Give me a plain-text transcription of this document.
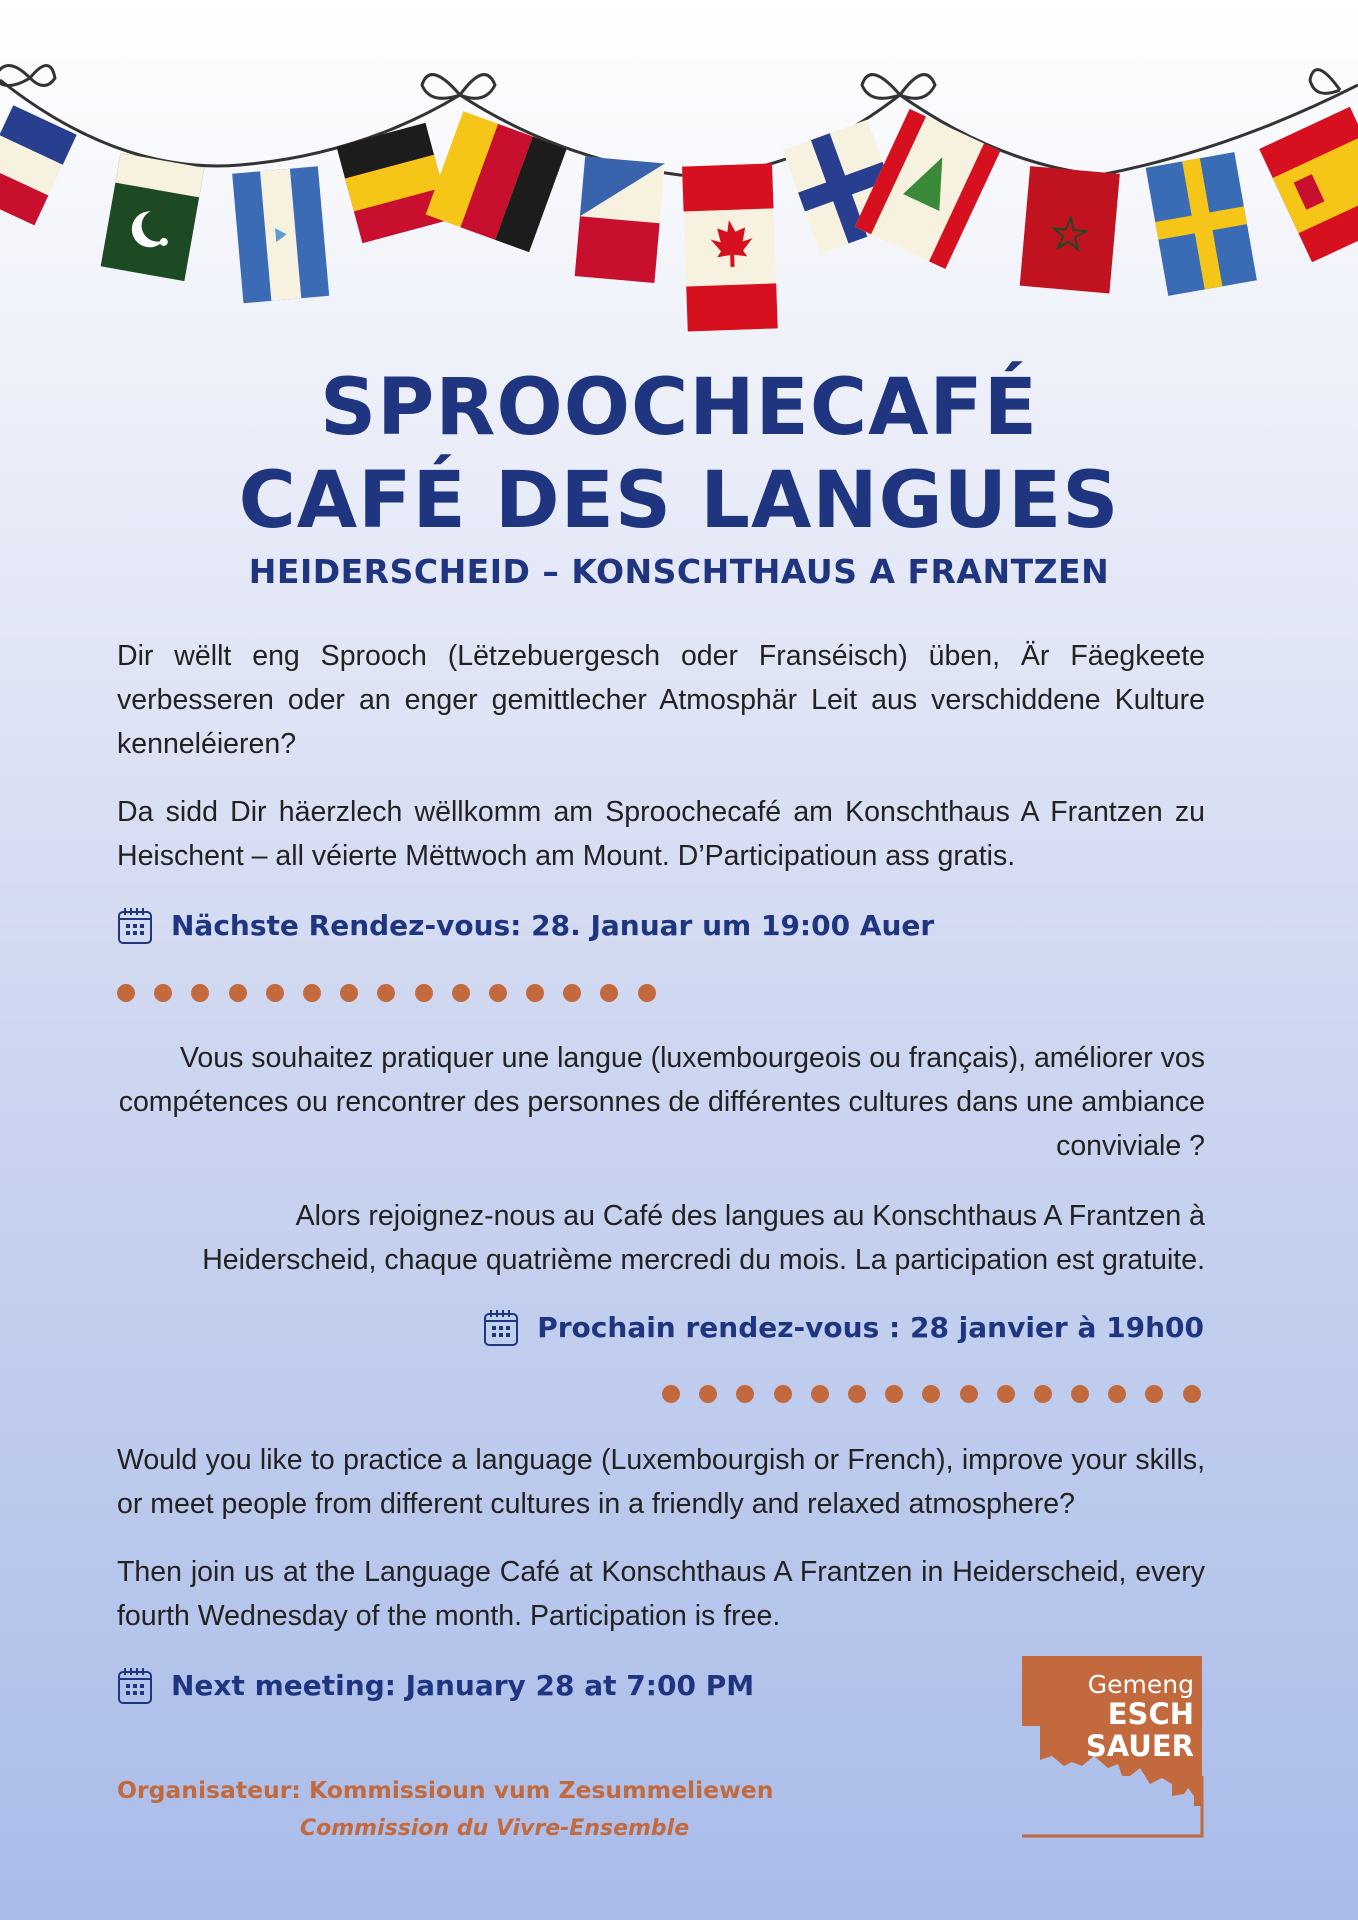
SPROOCHECAFÉ
CAFÉ DES LANGUES
HEIDERSCHEID – KONSCHTHAUS A FRANTZEN
Dir wëllt eng Sprooch (Lëtzebuergesch oder Franséisch) üben, Är Fäegkeete verbesseren oder an enger gemittlecher Atmosphär Leit aus verschiddene Kulture kenneléieren?
Da sidd Dir häerzlech wëllkomm am Sproochecafé am Konschthaus A Frantzen zu Heischent – all véierte Mëttwoch am Mount. D’Participatioun ass gratis.
Nächste Rendez-vous: 28. Januar um 19:00 Auer
Vous souhaitez pratiquer une langue (luxembourgeois ou français), améliorer vos compétences ou rencontrer des personnes de différentes cultures dans une ambiance conviviale ?
Alors rejoignez-nous au Café des langues au Konschthaus A Frantzen à Heiderscheid, chaque quatrième mercredi du mois. La participation est gratuite.
Prochain rendez-vous : 28 janvier à 19h00
Would you like to practice a language (Luxembourgish or French), improve your skills, or meet people from different cultures in a friendly and relaxed atmosphere?
Then join us at the Language Café at Konschthaus A Frantzen in Heiderscheid, every fourth Wednesday of the month. Participation is free.
Next meeting: January 28 at 7:00 PM
Organisateur: Kommissioun vum Zesummeliewen
Commission du Vivre-Ensemble
Gemeng
ESCH
SAUER
